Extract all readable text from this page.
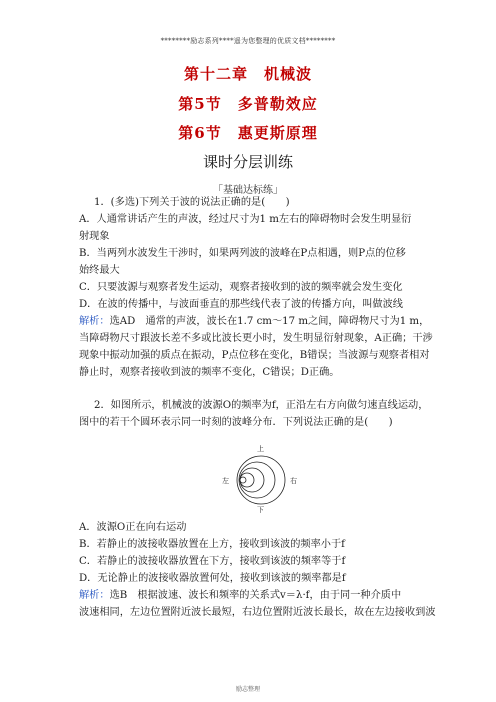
********励志系列****遥为您整理的优质文档********
第十二章　机械波
第5节　多普勒效应
第6节　惠更斯原理
课时分层训练
「基础达标练」
1．(多选)下列关于波的说法正确的是(　　)
A．人通常讲话产生的声波，经过尺寸为1 m左右的障碍物时会发生明显衍
射现象
B．当两列水波发生干涉时，如果两列波的波峰在P点相遇，则P点的位移
始终最大
C．只要波源与观察者发生运动，观察者接收到的波的频率就会发生变化
D．在波的传播中，与波面垂直的那些线代表了波的传播方向，叫做波线
解析：选AD　通常的声波，波长在1.7 cm～17 m之间，障碍物尺寸为1 m，
当障碍物尺寸跟波长差不多或比波长更小时，发生明显衍射现象，A正确；干涉
现象中振动加强的质点在振动，P点位移在变化，B错误；当波源与观察者相对
静止时，观察者接收到波的频率不变化，C错误；D正确。
2．如图所示，机械波的波源O的频率为f，正沿左右方向做匀速直线运动，
图中的若干个圆环表示同一时刻的波峰分布．下列说法正确的是(　　)
上
下
左	右
A．波源O正在向右运动
B．若静止的波接收器放置在上方，接收到该波的频率小于f
C．若静止的波接收器放置在下方，接收到该波的频率等于f
D．无论静止的波接收器放置何处，接收到该波的频率都是f
解析：选B　根据波速、波长和频率的关系式v＝λ·f，由于同一种介质中
波速相同，左边位置附近波长最短，右边位置附近波长最长，故在左边接收到波
励志整理
